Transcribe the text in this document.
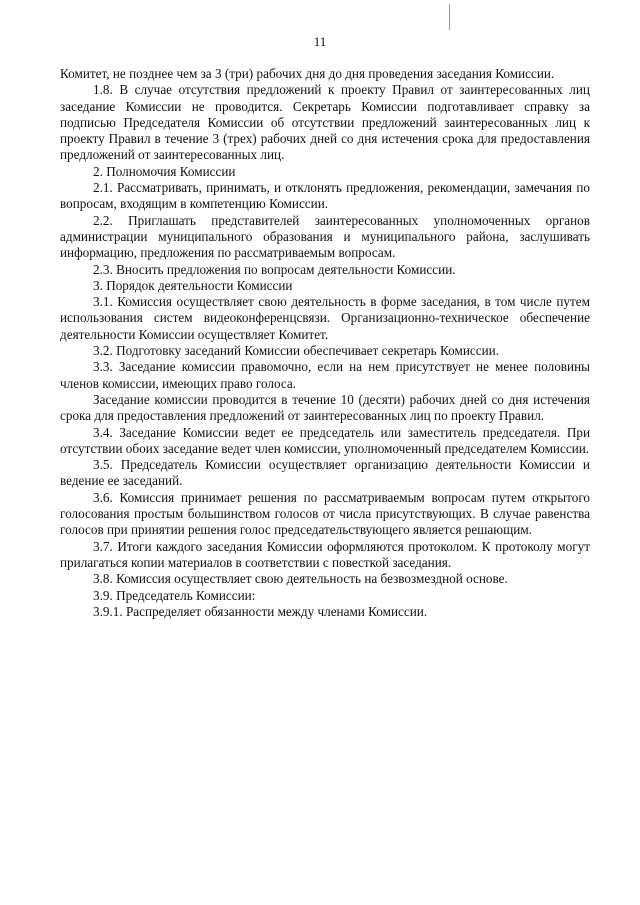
11

Комитет, не позднее чем за 3 (три) рабочих дня до дня проведения заседания Комиссии.

1.8. В случае отсутствия предложений к проекту Правил от заинтересованных лиц заседание Комиссии не проводится. Секретарь Комиссии подготавливает справку за подписью Председателя Комиссии об отсутствии предложений заинтересованных лиц к проекту Правил в течение 3 (трех) рабочих дней со дня истечения срока для предоставления предложений от заинтересованных лиц.

2. Полномочия Комиссии

2.1. Рассматривать, принимать, и отклонять предложения, рекомендации, замечания по вопросам, входящим в компетенцию Комиссии.

2.2. Приглашать представителей заинтересованных уполномоченных органов администрации муниципального образования и муниципального района, заслушивать информацию, предложения по рассматриваемым вопросам.

2.3. Вносить предложения по вопросам деятельности Комиссии.

3. Порядок деятельности Комиссии

3.1. Комиссия осуществляет свою деятельность в форме заседания, в том числе путем использования систем видеоконференцсвязи. Организационно-техническое обеспечение деятельности Комиссии осуществляет Комитет.

3.2. Подготовку заседаний Комиссии обеспечивает секретарь Комиссии.

3.3. Заседание комиссии правомочно, если на нем присутствует не менее половины членов комиссии, имеющих право голоса.

Заседание комиссии проводится в течение 10 (десяти) рабочих дней со дня истечения срока для предоставления предложений от заинтересованных лиц по проекту Правил.

3.4. Заседание Комиссии ведет ее председатель или заместитель председателя. При отсутствии обоих заседание ведет член комиссии, уполномоченный председателем Комиссии.

3.5. Председатель Комиссии осуществляет организацию деятельности Комиссии и ведение ее заседаний.

3.6. Комиссия принимает решения по рассматриваемым вопросам путем открытого голосования простым большинством голосов от числа присутствующих. В случае равенства голосов при принятии решения голос председательствующего является решающим.

3.7. Итоги каждого заседания Комиссии оформляются протоколом. К протоколу могут прилагаться копии материалов в соответствии с повесткой заседания.

3.8. Комиссия осуществляет свою деятельность на безвозмездной основе.

3.9. Председатель Комиссии:

3.9.1. Распределяет обязанности между членами Комиссии.
